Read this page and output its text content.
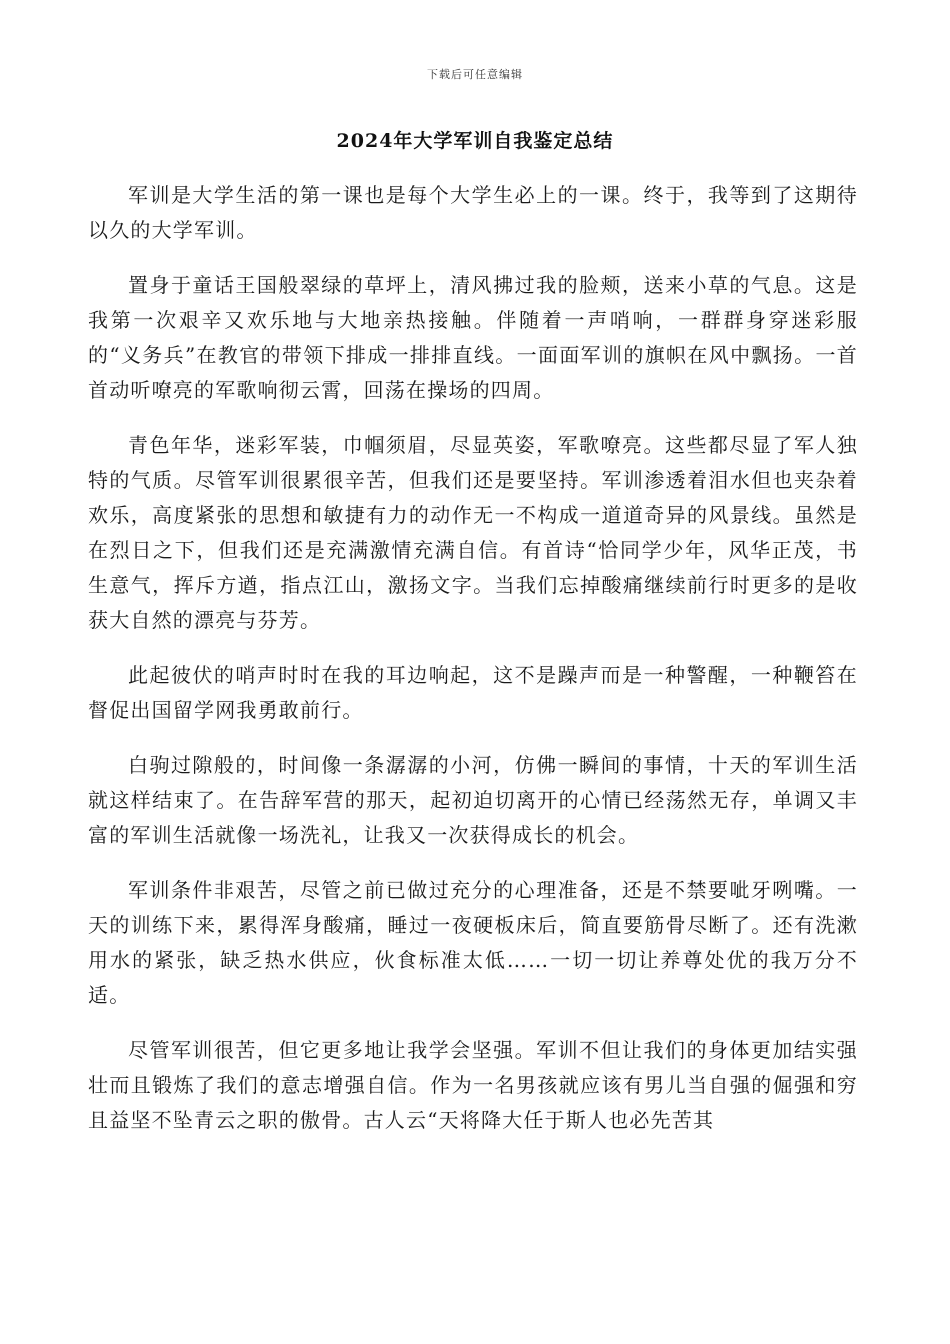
下载后可任意编辑
2024年大学军训自我鉴定总结

军训是大学生活的第一课也是每个大学生必上的一课。终于，我等到了这期待以久的大学军训。

置身于童话王国般翠绿的草坪上，清风拂过我的脸颊，送来小草的气息。这是我第一次艰辛又欢乐地与大地亲热接触。伴随着一声哨响，一群群身穿迷彩服的“义务兵”在教官的带领下排成一排排直线。一面面军训的旗帜在风中飘扬。一首首动听嘹亮的军歌响彻云霄，回荡在操场的四周。

青色年华，迷彩军装，巾帼须眉，尽显英姿，军歌嘹亮。这些都尽显了军人独特的气质。尽管军训很累很辛苦，但我们还是要坚持。军训渗透着泪水但也夹杂着欢乐，高度紧张的思想和敏捷有力的动作无一不构成一道道奇异的风景线。虽然是在烈日之下，但我们还是充满激情充满自信。有首诗“恰同学少年，风华正茂，书生意气，挥斥方遒，指点江山，激扬文字。当我们忘掉酸痛继续前行时更多的是收获大自然的漂亮与芬芳。

此起彼伏的哨声时时在我的耳边响起，这不是躁声而是一种警醒，一种鞭笞在督促出国留学网我勇敢前行。

白驹过隙般的，时间像一条潺潺的小河，仿佛一瞬间的事情，十天的军训生活就这样结束了。在告辞军营的那天，起初迫切离开的心情已经荡然无存，单调又丰富的军训生活就像一场洗礼，让我又一次获得成长的机会。

军训条件非艰苦，尽管之前已做过充分的心理准备，还是不禁要呲牙咧嘴。一天的训练下来，累得浑身酸痛，睡过一夜硬板床后，简直要筋骨尽断了。还有洗漱用水的紧张，缺乏热水供应，伙食标准太低……一切一切让养尊处优的我万分不适。

尽管军训很苦，但它更多地让我学会坚强。军训不但让我们的身体更加结实强壮而且锻炼了我们的意志增强自信。作为一名男孩就应该有男儿当自强的倔强和穷且益坚不坠青云之职的傲骨。古人云“天将降大任于斯人也必先苦其
